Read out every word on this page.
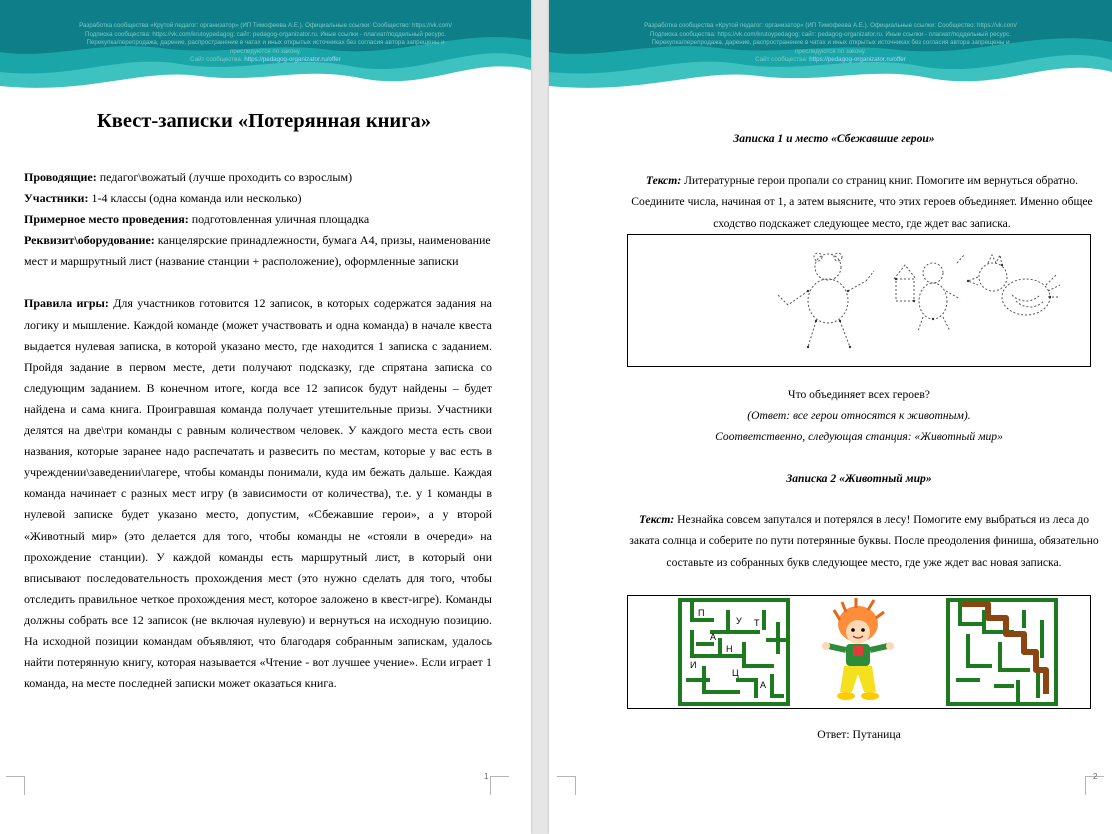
Разработка сообщества «Крутой педагог: организатор» (ИП Тимофеева А.Е.). Официальные ссылки: Сообщество: https://vk.com/
Подписка сообщества: https://vk.com/krutoypedagog; сайт: pedagog-organizator.ru. Иные ссылки - плагиат/поддельный ресурс.
Перекупка/перепродажа, дарение, распространение в чатах и иных открытых источниках без согласия автора запрещены и
преследуются по закону.
Сайт сообщества: https://pedagog-organizator.ru/offer
Квест-записки «Потерянная книга»

Проводящие: педагог\вожатый (лучше проходить со взрослым)

Участники: 1-4 классы (одна команда или несколько)

Примерное место проведения: подготовленная уличная площадка

Реквизит\оборудование: канцелярские принадлежности, бумага А4, призы, наименование мест и маршрутный лист (название станции + расположение), оформленные записки

Правила игры: Для участников готовится 12 записок, в которых содержатся задания на логику и мышление. Каждой команде (может участвовать и одна команда) в начале квеста выдается нулевая записка, в которой указано место, где находится 1 записка с заданием. Пройдя задание в первом месте, дети получают подсказку, где спрятана записка со следующим заданием. В конечном итоге, когда все 12 записок будут найдены – будет найдена и сама книга. Проигравшая команда получает утешительные призы. Участники делятся на две\три команды с равным количеством человек. У каждого места есть свои названия, которые заранее надо распечатать и развесить по местам, которые у вас есть в учреждении\заведении\лагере, чтобы команды понимали, куда им бежать дальше. Каждая команда начинает с разных мест игру (в зависимости от количества), т.е. у 1 команды в нулевой записке будет указано место, допустим, «Сбежавшие герои», а у второй «Животный мир» (это делается для того, чтобы команды не «стояли в очереди» на прохождение станции). У каждой команды есть маршрутный лист, в который они вписывают последовательность прохождения мест (это нужно сделать для того, чтобы отследить правильное четкое прохождения мест, которое заложено в квест-игре). Команды должны собрать все 12 записок (не включая нулевую) и вернуться на исходную позицию. На исходной позиции командам объявляют, что благодаря собранным запискам, удалось найти потерянную книгу, которая называется «Чтение - вот лучшее учение». Если играет 1 команда, на месте последней записки может оказаться книга.

1
Разработка сообщества «Крутой педагог: организатор» (ИП Тимофеева А.Е.). Официальные ссылки: Сообщество: https://vk.com/
Подписка сообщества: https://vk.com/krutoypedagog; сайт: pedagog-organizator.ru. Иные ссылки - плагиат/поддельный ресурс.
Перекупка/перепродажа, дарение, распространение в чатах и иных открытых источниках без согласия автора запрещены и
преследуются по закону.
Сайт сообщества: https://pedagog-organizator.ru/offer
Записка 1 и место «Сбежавшие герои»
Текст: Литературные герои пропали со страниц книг. Помогите им вернуться обратно. Соедините числа, начиная от 1, а затем выясните, что этих героев объединяет. Именно общее сходство подскажет следующее место, где ждет вас записка.
Что объединяет всех героев?
(Ответ: все герои относятся к животным).
Соответственно, следующая станция: «Животный мир»
Записка 2 «Животный мир»
Текст: Незнайка совсем запутался и потерялся в лесу! Помогите ему выбраться из леса до заката солнца и соберите по пути потерянные буквы. После преодоления финиша, обязательно составьте из собранных букв следующее место, где уже ждет вас новая записка.
П
У Т
А
Н
И
Ц
А
Ответ: Путаница
2
